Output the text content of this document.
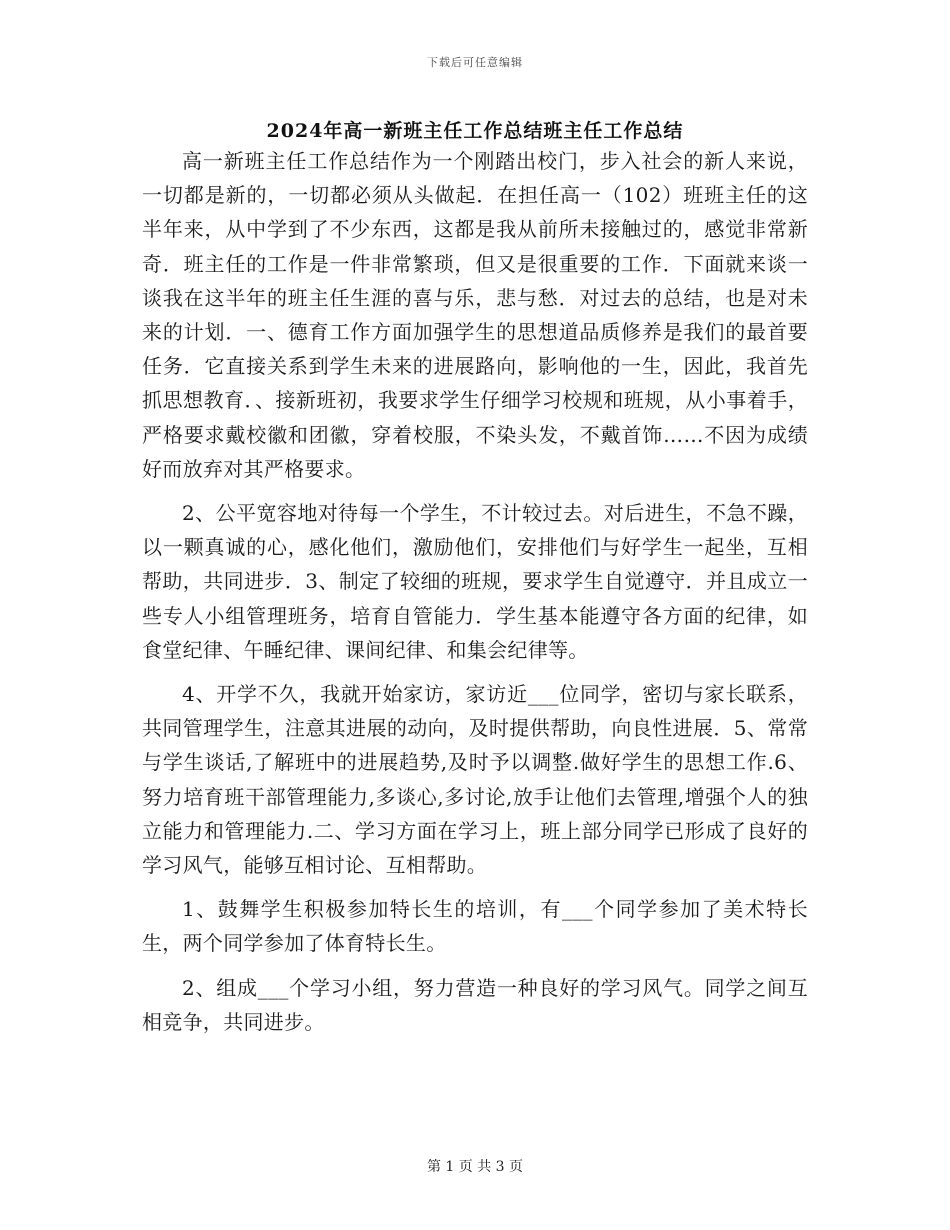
下载后可任意编辑
2024年高一新班主任工作总结班主任工作总结

高一新班主任工作总结作为一个刚踏出校门，步入社会的新人来说，一切都是新的，一切都必须从头做起．在担任高一（102）班班主任的这半年来，从中学到了不少东西，这都是我从前所未接触过的，感觉非常新奇．班主任的工作是一件非常繁琐，但又是很重要的工作．下面就来谈一谈我在这半年的班主任生涯的喜与乐，悲与愁．对过去的总结，也是对未来的计划．一、德育工作方面加强学生的思想道品质修养是我们的最首要任务．它直接关系到学生未来的进展路向，影响他的一生，因此，我首先抓思想教育．、接新班初，我要求学生仔细学习校规和班规，从小事着手，严格要求戴校徽和团徽，穿着校服，不染头发，不戴首饰……不因为成绩好而放弃对其严格要求。

2、公平宽容地对待每一个学生，不计较过去。对后进生，不急不躁，以一颗真诚的心，感化他们，激励他们，安排他们与好学生一起坐，互相帮助，共同进步．3、制定了较细的班规，要求学生自觉遵守．并且成立一些专人小组管理班务，培育自管能力．学生基本能遵守各方面的纪律，如食堂纪律、午睡纪律、课间纪律、和集会纪律等。

4、开学不久，我就开始家访，家访近___位同学，密切与家长联系，共同管理学生，注意其进展的动向，及时提供帮助，向良性进展．5、常常与学生谈话,了解班中的进展趋势,及时予以调整.做好学生的思想工作.6、努力培育班干部管理能力,多谈心,多讨论,放手让他们去管理,增强个人的独立能力和管理能力.二、学习方面在学习上，班上部分同学已形成了良好的学习风气，能够互相讨论、互相帮助。

1、鼓舞学生积极参加特长生的培训，有___个同学参加了美术特长生，两个同学参加了体育特长生。

2、组成___个学习小组，努力营造一种良好的学习风气。同学之间互相竞争，共同进步。

第 1 页 共 3 页
